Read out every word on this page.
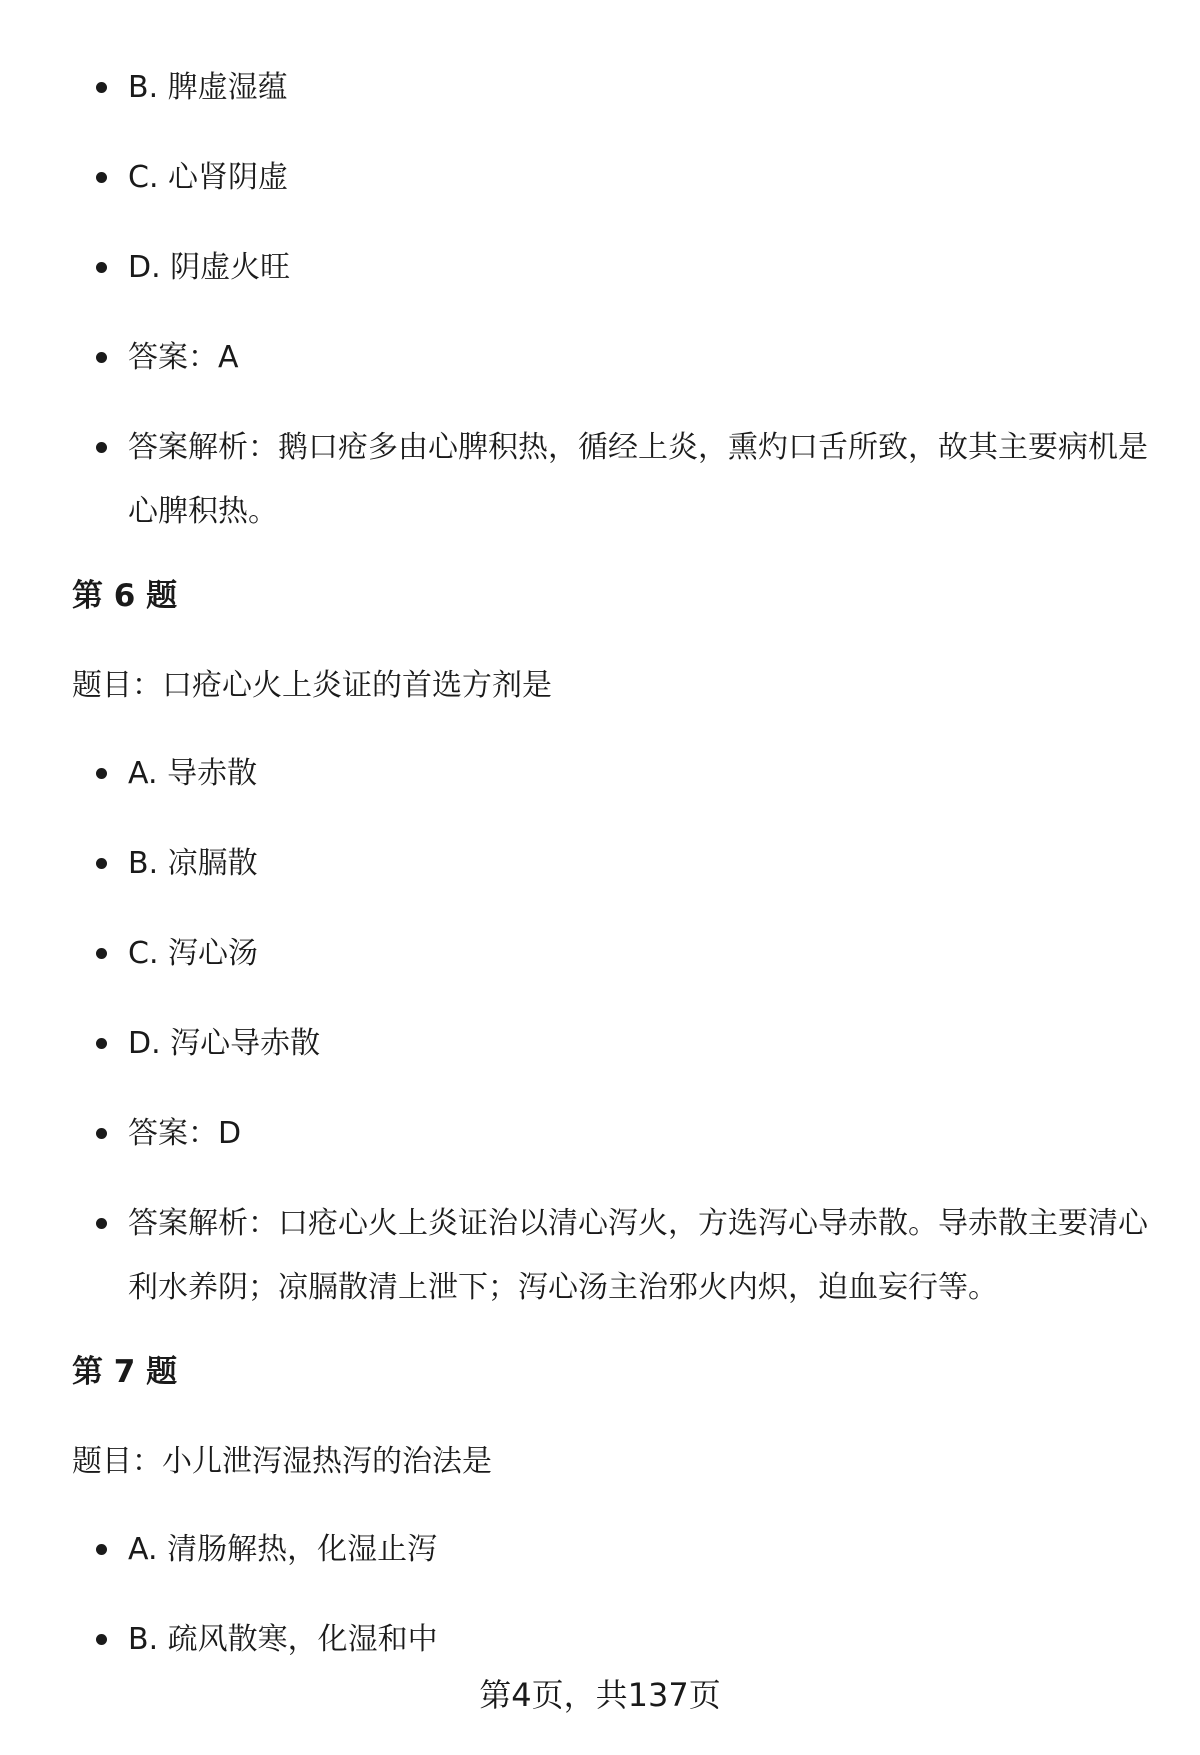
B. 脾虚湿蕴
C. 心肾阴虚
D. 阴虚火旺
答案：A
答案解析：鹅口疮多由心脾积热，循经上炎，熏灼口舌所致，故其主要病机是
心脾积热。
第 6 题
题目：口疮心火上炎证的首选方剂是
A. 导赤散
B. 凉膈散
C. 泻心汤
D. 泻心导赤散
答案：D
答案解析：口疮心火上炎证治以清心泻火，方选泻心导赤散。导赤散主要清心
利水养阴；凉膈散清上泄下；泻心汤主治邪火内炽，迫血妄行等。
第 7 题
题目：小儿泄泻湿热泻的治法是
A. 清肠解热，化湿止泻
B. 疏风散寒，化湿和中
第4页，共137页
